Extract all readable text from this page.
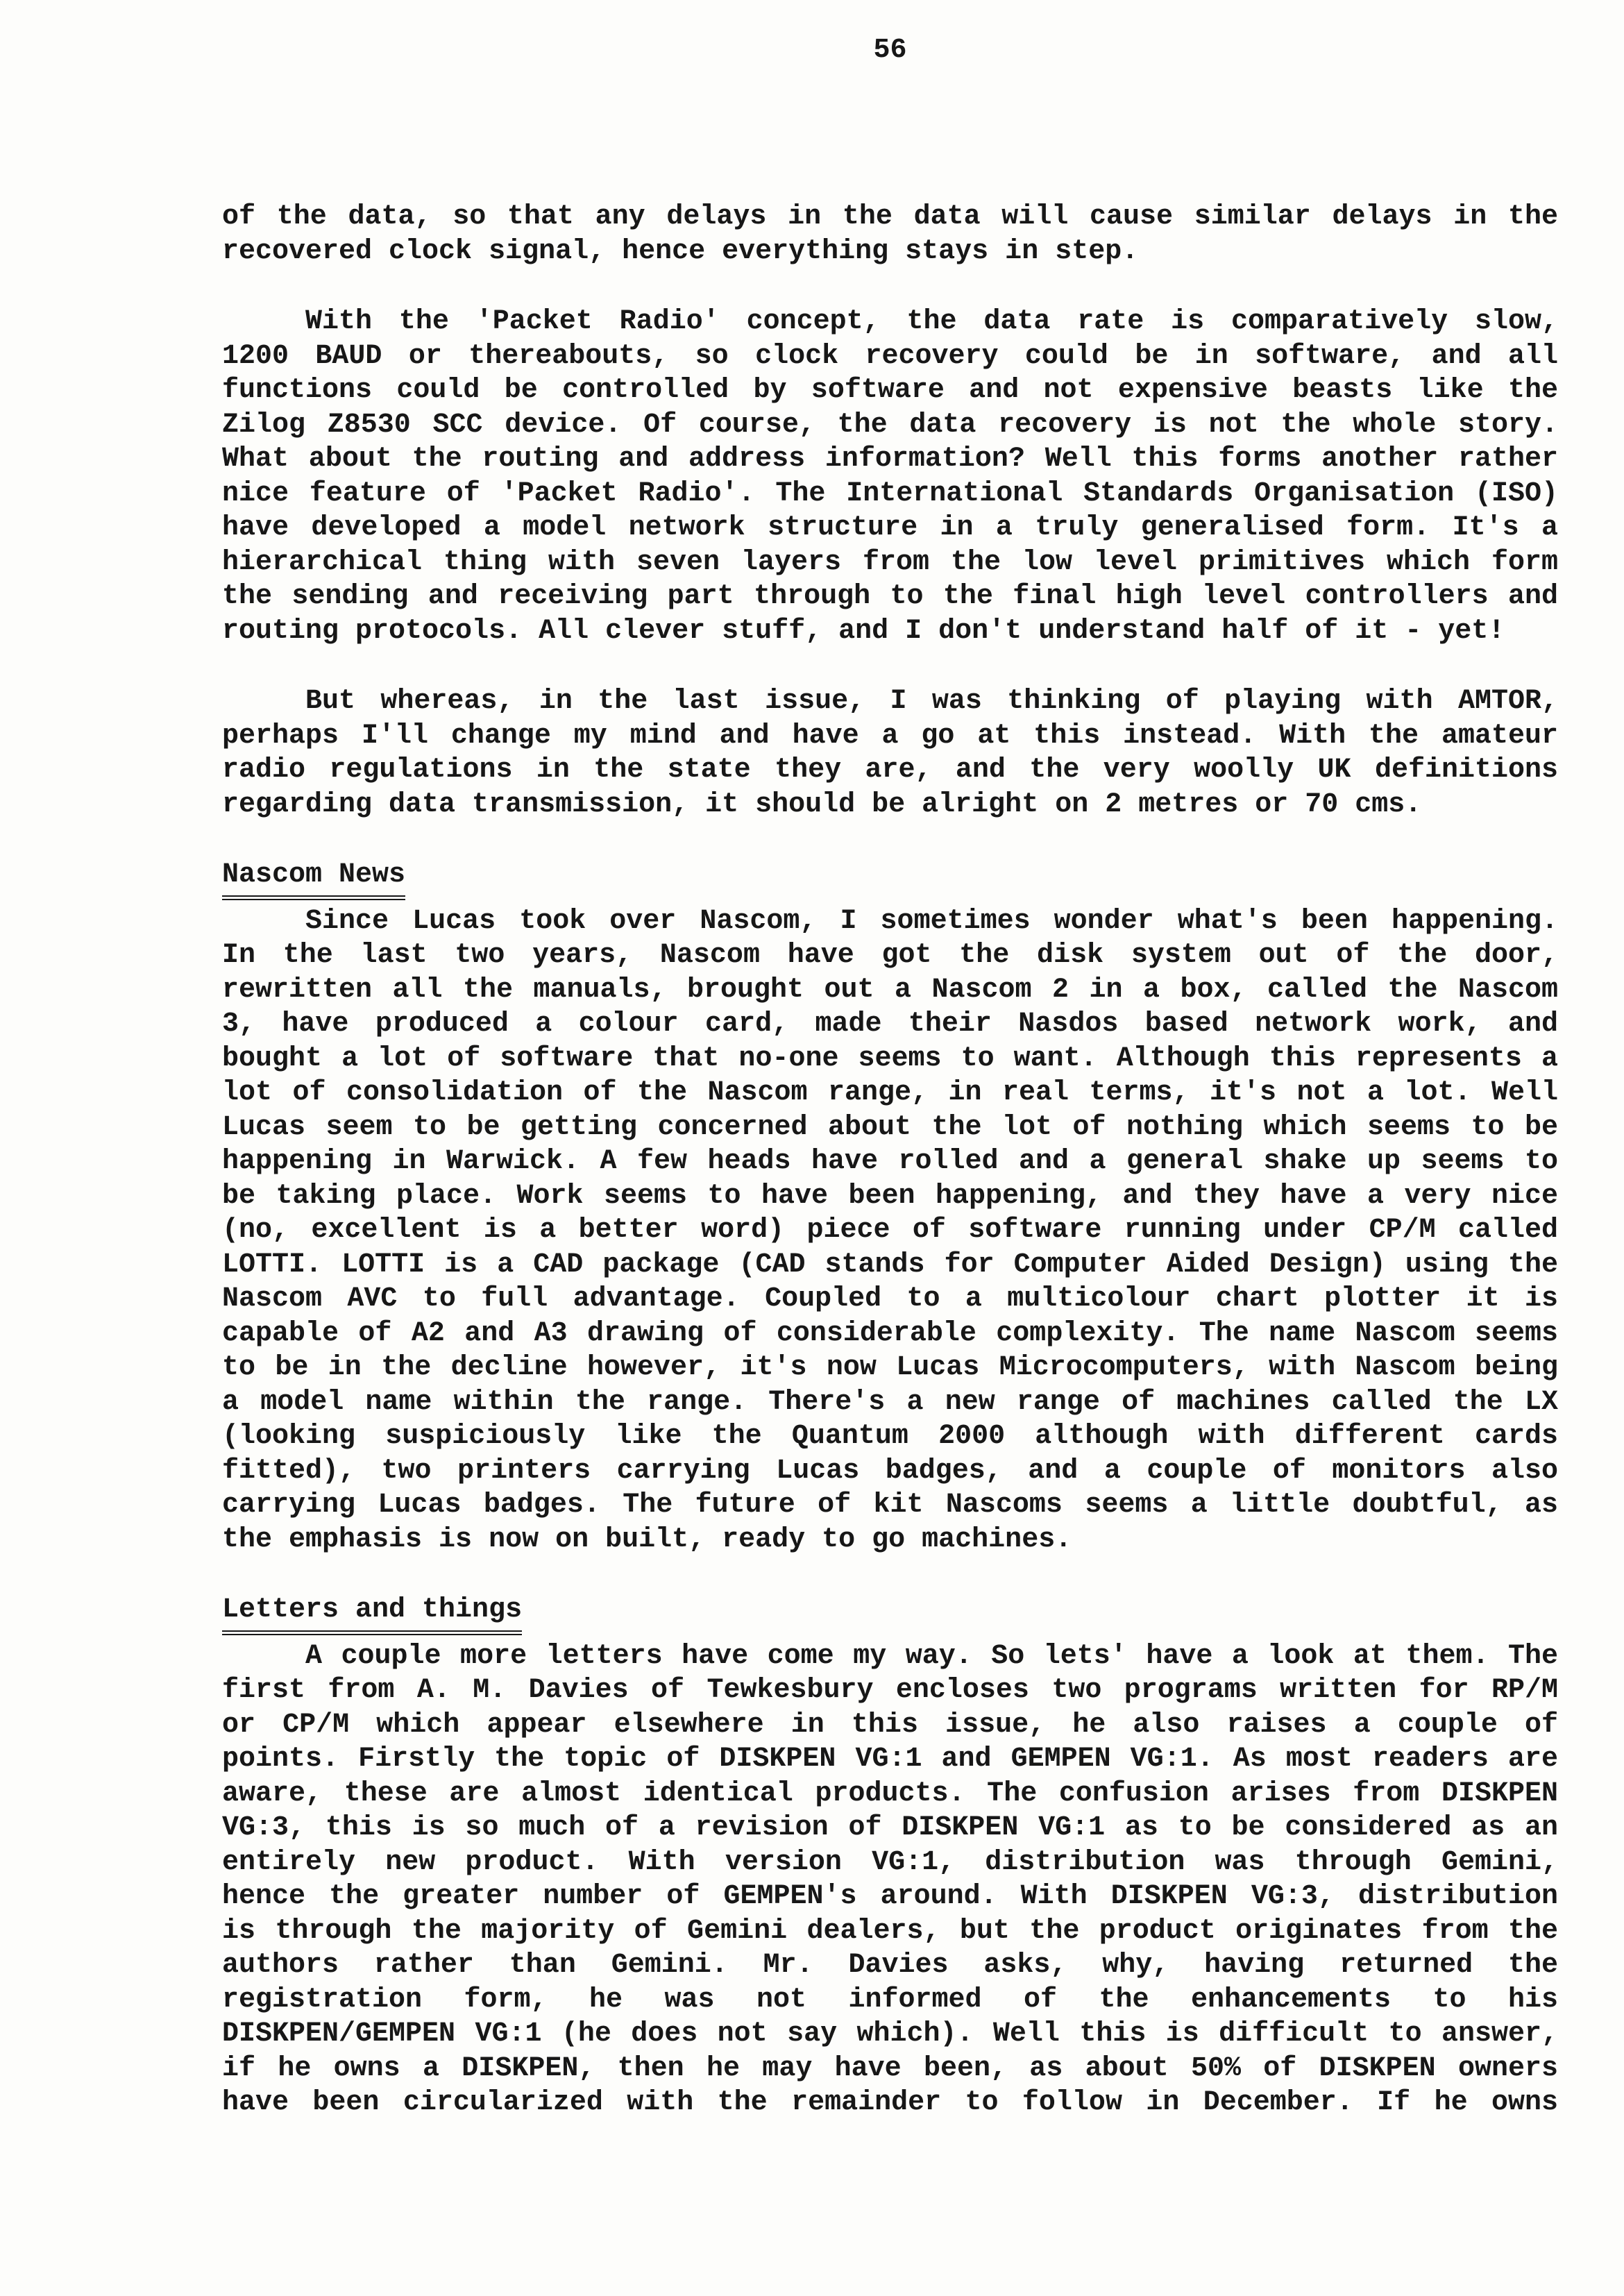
56
of the data, so that any delays in the data will cause similar delays in the
recovered clock signal, hence everything stays in step.
With the 'Packet Radio' concept, the data rate is comparatively slow,
1200 BAUD or thereabouts, so clock recovery could be in software, and all
functions could be controlled by software and not expensive beasts like the
Zilog Z8530 SCC device. Of course, the data recovery is not the whole story.
What about the routing and address information? Well this forms another rather
nice feature of 'Packet Radio'. The International Standards Organisation (ISO)
have developed a model network structure in a truly generalised form. It's a
hierarchical thing with seven layers from the low level primitives which form
the sending and receiving part through to the final high level controllers and
routing protocols. All clever stuff, and I don't understand half of it - yet!
But whereas, in the last issue, I was thinking of playing with AMTOR,
perhaps I'll change my mind and have a go at this instead. With the amateur
radio regulations in the state they are, and the very woolly UK definitions
regarding data transmission, it should be alright on 2 metres or 70 cms.
Nascom News
Since Lucas took over Nascom, I sometimes wonder what's been happening.
In the last two years, Nascom have got the disk system out of the door,
rewritten all the manuals, brought out a Nascom 2 in a box, called the Nascom
3, have produced a colour card, made their Nasdos based network work, and
bought a lot of software that no-one seems to want. Although this represents a
lot of consolidation of the Nascom range, in real terms, it's not a lot. Well
Lucas seem to be getting concerned about the lot of nothing which seems to be
happening in Warwick. A few heads have rolled and a general shake up seems to
be taking place. Work seems to have been happening, and they have a very nice
(no, excellent is a better word) piece of software running under CP/M called
LOTTI. LOTTI is a CAD package (CAD stands for Computer Aided Design) using the
Nascom AVC to full advantage. Coupled to a multicolour chart plotter it is
capable of A2 and A3 drawing of considerable complexity. The name Nascom seems
to be in the decline however, it's now Lucas Microcomputers, with Nascom being
a model name within the range. There's a new range of machines called the LX
(looking suspiciously like the Quantum 2000 although with different cards
fitted), two printers carrying Lucas badges, and a couple of monitors also
carrying Lucas badges. The future of kit Nascoms seems a little doubtful, as
the emphasis is now on built, ready to go machines.
Letters and things
A couple more letters have come my way. So lets' have a look at them. The
first from A. M. Davies of Tewkesbury encloses two programs written for RP/M
or CP/M which appear elsewhere in this issue, he also raises a couple of
points. Firstly the topic of DISKPEN VG:1 and GEMPEN VG:1. As most readers are
aware, these are almost identical products. The confusion arises from DISKPEN
VG:3, this is so much of a revision of DISKPEN VG:1 as to be considered as an
entirely new product. With version VG:1, distribution was through Gemini,
hence the greater number of GEMPEN's around. With DISKPEN VG:3, distribution
is through the majority of Gemini dealers, but the product originates from the
authors rather than Gemini. Mr. Davies asks, why, having returned the
registration form, he was not informed of the enhancements to his
DISKPEN/GEMPEN VG:1 (he does not say which). Well this is difficult to answer,
if he owns a DISKPEN, then he may have been, as about 50% of DISKPEN owners
have been circularized with the remainder to follow in December. If he owns
